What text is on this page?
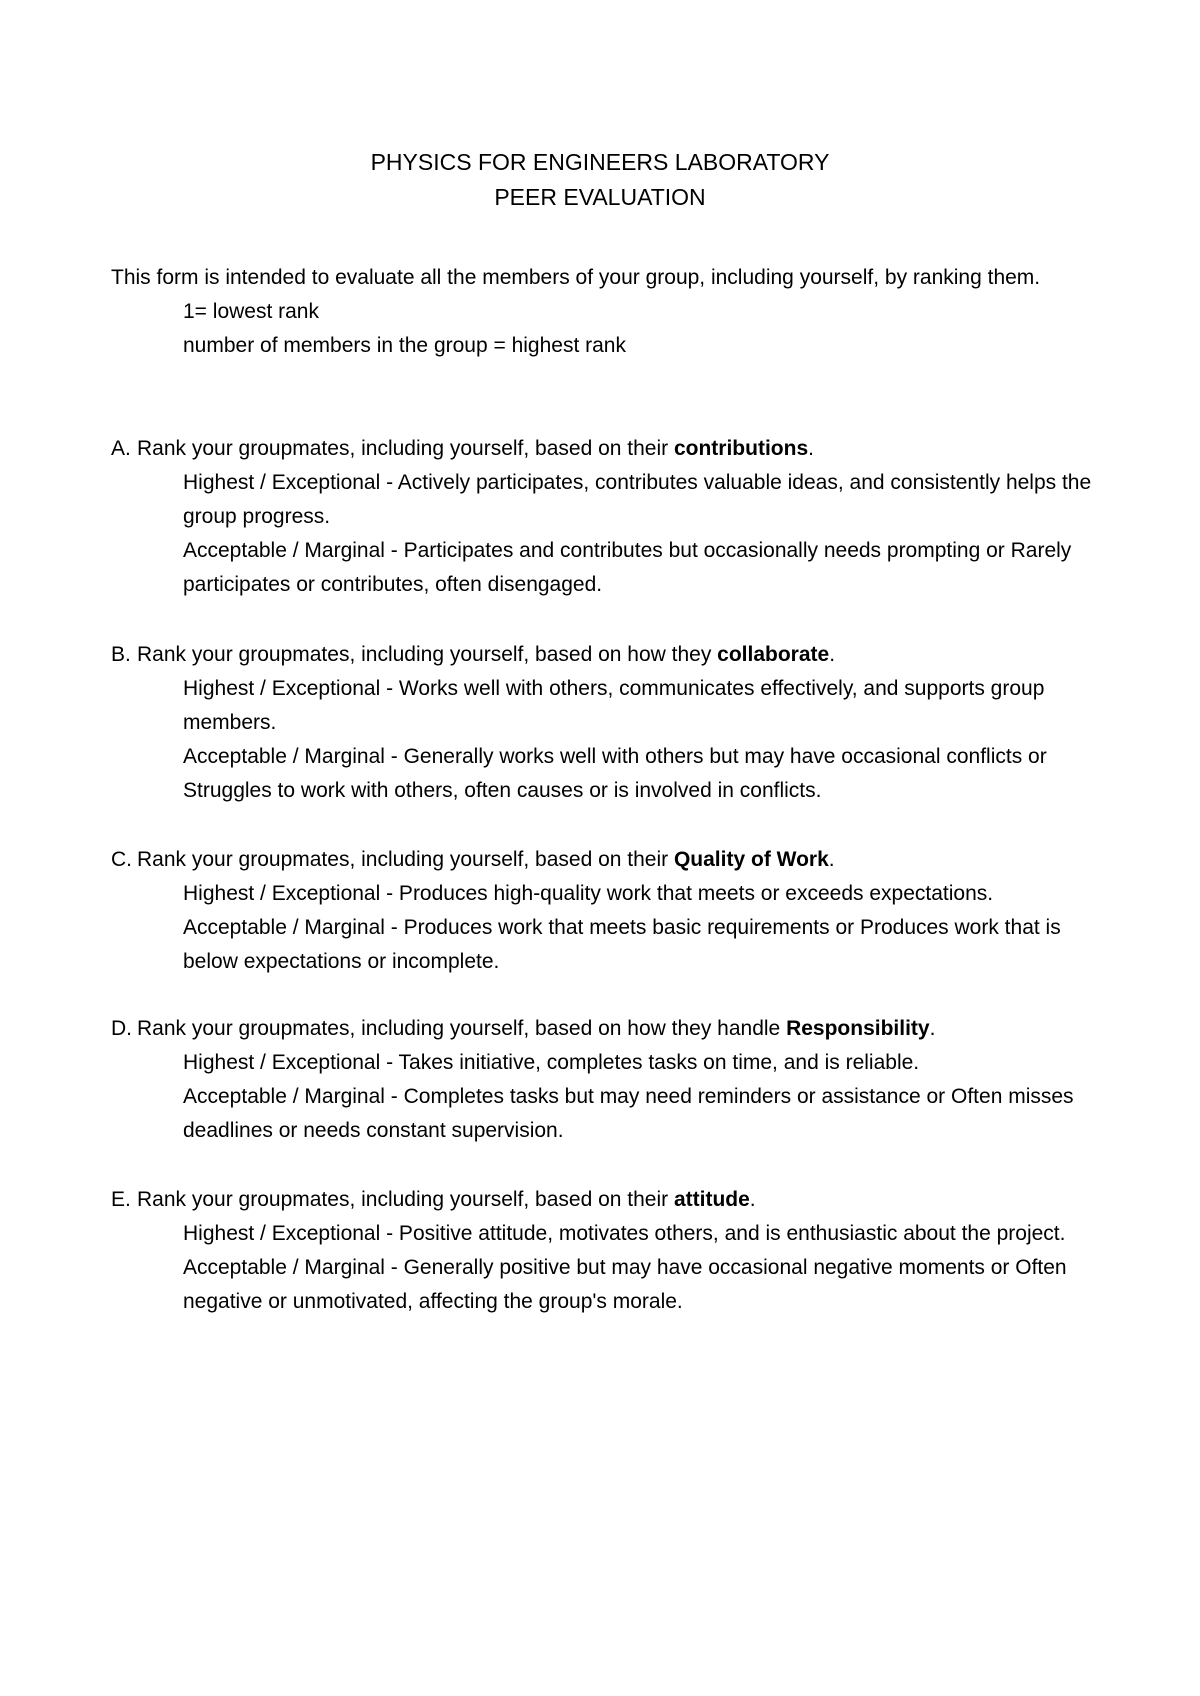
PHYSICS FOR ENGINEERS LABORATORY
PEER EVALUATION

This form is intended to evaluate all the members of your group, including yourself, by ranking them.

1= lowest rank
number of members in the group = highest rank
A. Rank your groupmates, including yourself, based on their contributions.
Highest / Exceptional - Actively participates, contributes valuable ideas, and consistently helps the group progress.
Acceptable / Marginal - Participates and contributes but occasionally needs prompting or Rarely participates or contributes, often disengaged.
B. Rank your groupmates, including yourself, based on how they collaborate.
Highest / Exceptional - Works well with others, communicates effectively, and supports group members.
Acceptable / Marginal - Generally works well with others but may have occasional conflicts or Struggles to work with others, often causes or is involved in conflicts.
C. Rank your groupmates, including yourself, based on their Quality of Work.
Highest / Exceptional - Produces high-quality work that meets or exceeds expectations.
Acceptable / Marginal - Produces work that meets basic requirements or Produces work that is below expectations or incomplete.
D. Rank your groupmates, including yourself, based on how they handle Responsibility.
Highest / Exceptional - Takes initiative, completes tasks on time, and is reliable.
Acceptable / Marginal - Completes tasks but may need reminders or assistance or Often misses deadlines or needs constant supervision.
E. Rank your groupmates, including yourself, based on their attitude.
Highest / Exceptional - Positive attitude, motivates others, and is enthusiastic about the project.
Acceptable / Marginal - Generally positive but may have occasional negative moments or Often negative or unmotivated, affecting the group's morale.
